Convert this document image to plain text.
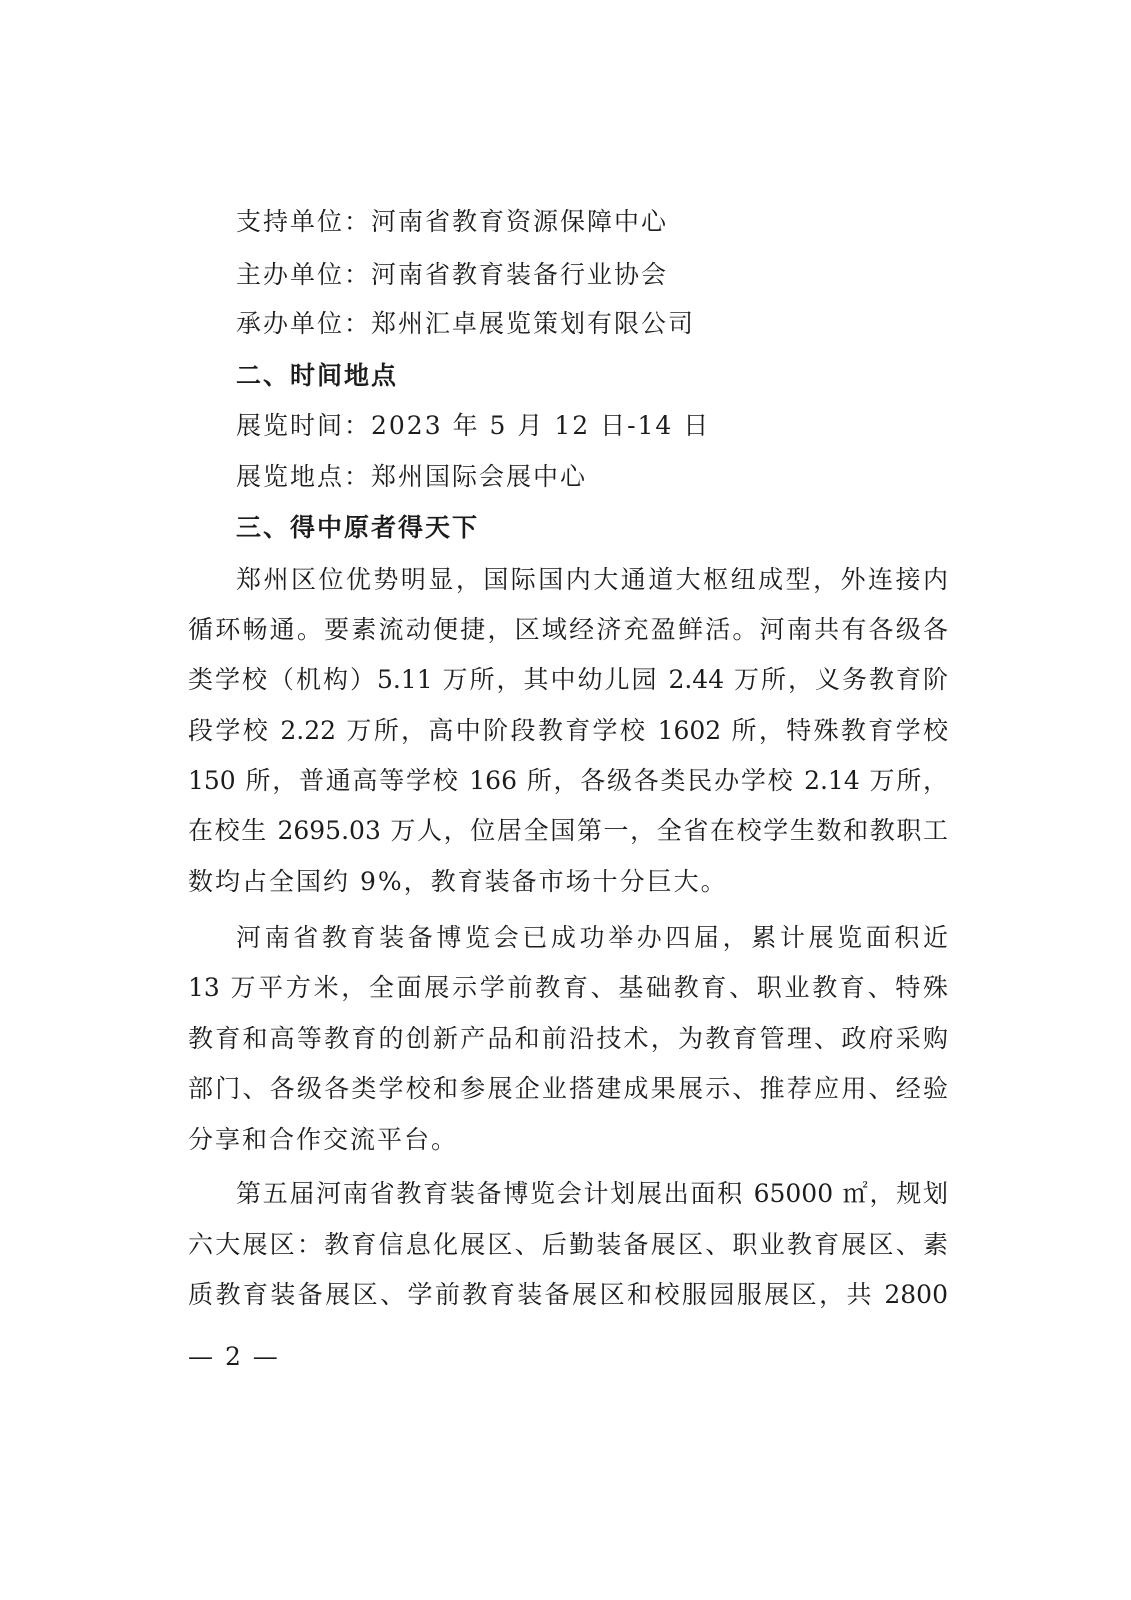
支持单位：河南省教育资源保障中心
主办单位：河南省教育装备行业协会
承办单位：郑州汇卓展览策划有限公司
二、时间地点
展览时间：2023 年 5 月 12 日-14 日
展览地点：郑州国际会展中心
三、得中原者得天下
郑州区位优势明显，国际国内大通道大枢纽成型，外连接内
循环畅通。要素流动便捷，区域经济充盈鲜活。河南共有各级各
类学校（机构）5.11 万所，其中幼儿园 2.44 万所，义务教育阶
段学校 2.22 万所，高中阶段教育学校 1602 所，特殊教育学校
150 所，普通高等学校 166 所，各级各类民办学校 2.14 万所，
在校生 2695.03 万人，位居全国第一，全省在校学生数和教职工
数均占全国约 9%，教育装备市场十分巨大。
河南省教育装备博览会已成功举办四届，累计展览面积近
13 万平方米，全面展示学前教育、基础教育、职业教育、特殊
教育和高等教育的创新产品和前沿技术，为教育管理、政府采购
部门、各级各类学校和参展企业搭建成果展示、推荐应用、经验
分享和合作交流平台。
第五届河南省教育装备博览会计划展出面积 65000 ㎡，规划
六大展区：教育信息化展区、后勤装备展区、职业教育展区、素
质教育装备展区、学前教育装备展区和校服园服展区，共 2800
— 2 —
